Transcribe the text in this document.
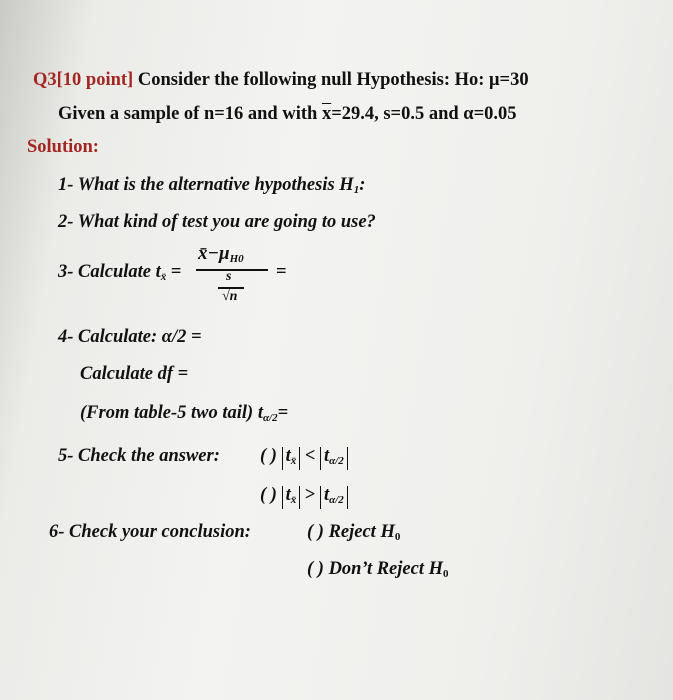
Q3[10 point] Consider the following null Hypothesis: Ho: μ=30
Given a sample of n=16 and with $\overline{x}=29.4$, s=0.5 and α=0.05
Solution:
1- What is the alternative hypothesis $H_1$:
2- What kind of test you are going to use?
3- Calculate $t_{x̄}$ =
$x̄-\mu_{H0}$
s
√n
=
4- Calculate: α/2 =
Calculate df =
(From table-5 two tail) $t_{\alpha/2}=$
5- Check the answer: ( ) $t_{x̄} < t_{\alpha/2}$
( ) $t_{x̄} > t_{\alpha/2}$
6- Check your conclusion:	( ) Reject $H_0$
( ) Don’t Reject $H_0$
